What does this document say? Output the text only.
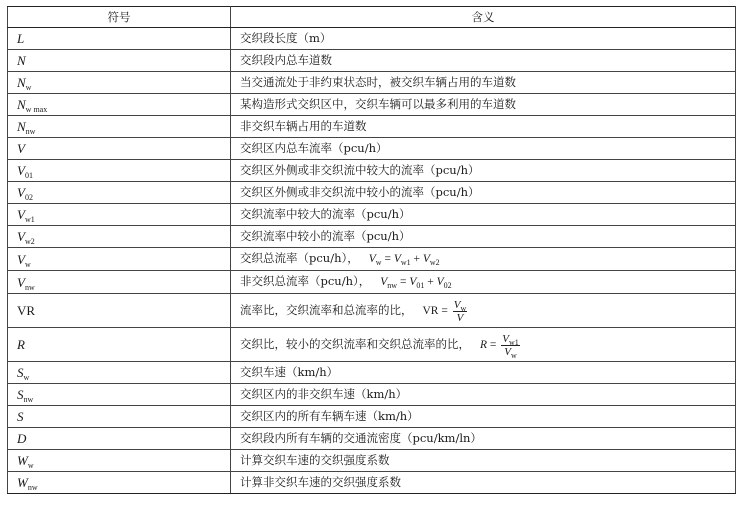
符号	含义
L	交织段长度（m）
N	交织段内总车道数
$N_w$	当交通流处于非约束状态时，被交织车辆占用的车道数
$N_{w max}$	某构造形式交织区中，交织车辆可以最多利用的车道数
$N_{nw}$	非交织车辆占用的车道数
V	交织区内总车流率（pcu/h）
$V_{01}$	交织区外侧或非交织流中较大的流率（pcu/h）
$V_{02}$	交织区外侧或非交织流中较小的流率（pcu/h）
$V_{w1}$	交织流率中较大的流率（pcu/h）
$V_{w2}$	交织流率中较小的流率（pcu/h）
$V_w$	交织总流率（pcu/h）， $V_w = V_{w1} + V_{w2}$
$V_{nw}$	非交织总流率（pcu/h）， $V_{nw} = V_{01} + V_{02}$
VR	流率比，交织流率和总流率的比， VR = $\frac{V_w}{V}$

R	交织比，较小的交织流率和交织总流率的比， $R = \frac{V_{w1}}{V_w}$

$S_w$	交织车速（km/h）
$S_{nw}$	交织区内的非交织车速（km/h）
S	交织区内的所有车辆车速（km/h）
D	交织段内所有车辆的交通流密度（pcu/km/ln）
$W_w$	计算交织车速的交织强度系数
$W_{nw}$	计算非交织车速的交织强度系数
